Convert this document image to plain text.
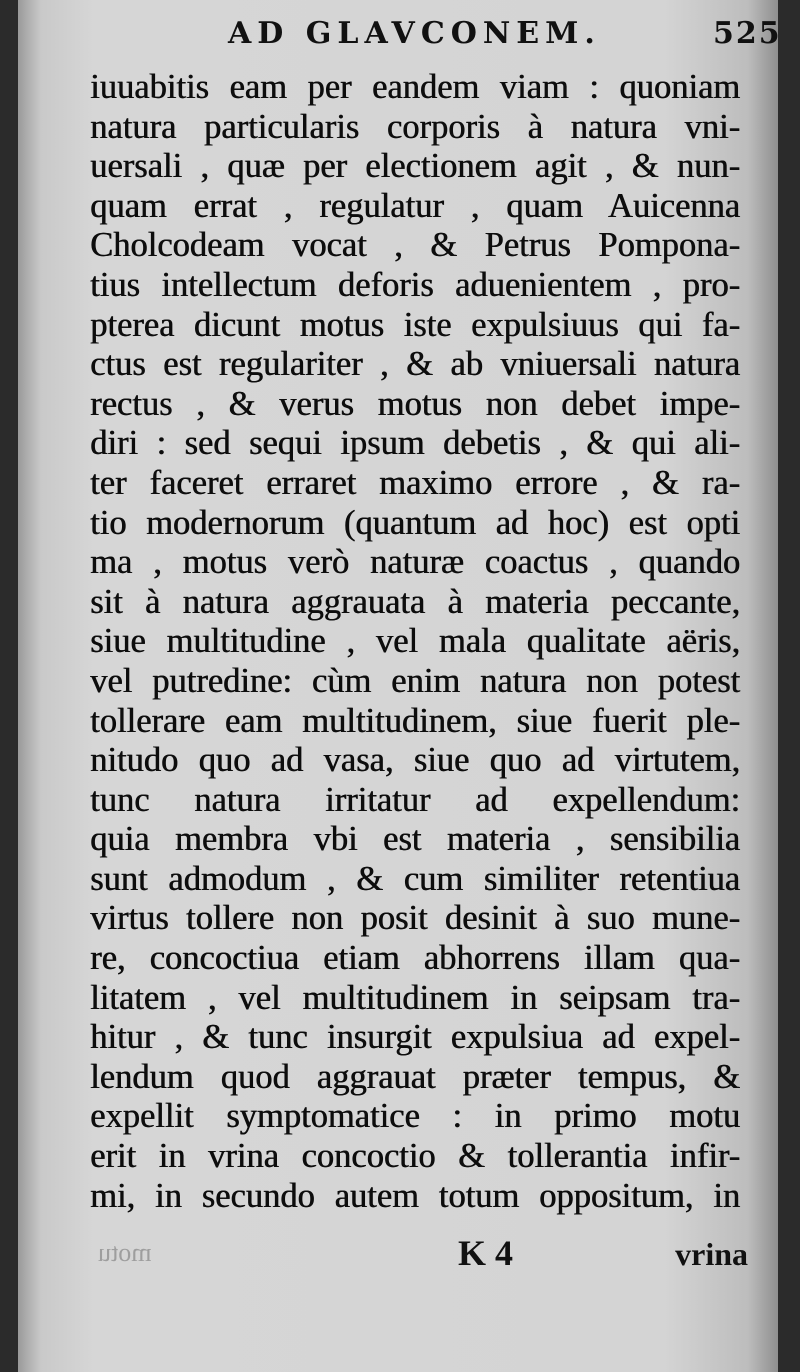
AD GLAVCONEM.	525
iuuabitis eam per eandem viam : quoniam
natura particularis corporis à natura vni-
uersali , quæ per electionem agit , & nun-
quam errat , regulatur , quam Auicenna
Cholcodeam vocat , & Petrus Pompona-
tius intellectum deforis aduenientem , pro-
pterea dicunt motus iste expulsiuus qui fa-
ctus est regulariter , & ab vniuersali natura
rectus , & verus motus non debet impe-
diri : sed sequi ipsum debetis , & qui ali-
ter faceret erraret maximo errore , & ra-
tio modernorum (quantum ad hoc) est opti
ma , motus verò naturæ coactus , quando
sit à natura aggrauata à materia peccante,
siue multitudine , vel mala qualitate aëris,
vel putredine: cùm enim natura non potest
tollerare eam multitudinem, siue fuerit ple-
nitudo quo ad vasa, siue quo ad virtutem,
tunc natura irritatur ad expellendum:
quia membra vbi est materia , sensibilia
sunt admodum , & cum similiter retentiua
virtus tollere non posit desinit à suo mune-
re, concoctiua etiam abhorrens illam qua-
litatem , vel multitudinem in seipsam tra-
hitur , & tunc insurgit expulsiua ad expel-
lendum quod aggrauat præter tempus, &
expellit symptomatice : in primo motu
erit in vrina concoctio & tollerantia infir-
mi, in secundo autem totum oppositum, in
motu	K 4	vrina
